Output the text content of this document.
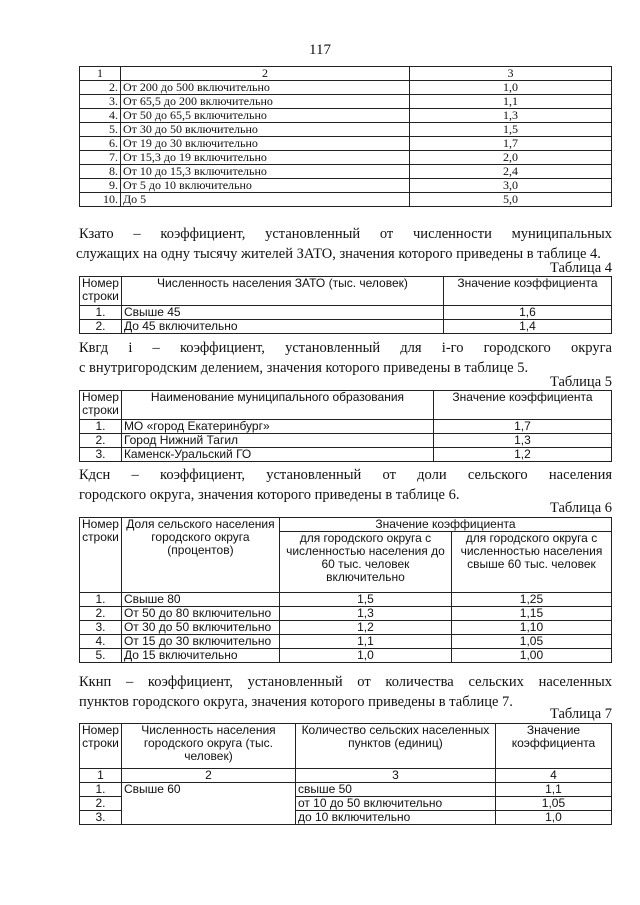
117
1	2	3
2.	От 200 до 500 включительно	1,0
3.	От 65,5 до 200 включительно	1,1
4.	От 50 до 65,5 включительно	1,3
5.	От 30 до 50 включительно	1,5
6.	От 19 до 30 включительно	1,7
7.	От 15,3 до 19 включительно	2,0
8.	От 10 до 15,3 включительно	2,4
9.	От 5 до 10 включительно	3,0
10.	До 5	5,0
Кзато – коэффициент, установленный от численности муниципальных
служащих на одну тысячу жителей ЗАТО, значения которого приведены в таблице 4.
Таблица 4
Номер строки	Численность населения ЗАТО (тыс. человек)	Значение коэффициента
1.	Свыше 45	1,6
2.	До 45 включительно	1,4
Квгд i – коэффициент, установленный для i-го городского округа
с внутригородским делением, значения которого приведены в таблице 5.
Таблица 5
Номер строки	Наименование муниципального образования	Значение коэффициента
1.	МО «город Екатеринбург»	1,7
2.	Город Нижний Тагил	1,3
3.	Каменск-Уральский ГО	1,2
Кдсн – коэффициент, установленный от доли сельского населения
городского округа, значения которого приведены в таблице 6.
Таблица 6
Номер строки	Доля сельского населения городского округа (процентов)	Значение коэффициента	
		для городского округа с численностью населения до 60 тыс. человек включительно	для городского округа с численностью населения свыше 60 тыс. человек
1.	Свыше 80	1,5	1,25
2.	От 50 до 80 включительно	1,3	1,15
3.	От 30 до 50 включительно	1,2	1,10
4.	От 15 до 30 включительно	1,1	1,05
5.	До 15 включительно	1,0	1,00
Ккнп – коэффициент, установленный от количества сельских населенных
пунктов городского округа, значения которого приведены в таблице 7.
Таблица 7
Номер строки	Численность населения городского округа (тыс. человек)	Количество сельских населенных пунктов (единиц)	Значение коэффициента
1	2	3	4
1.	Свыше 60	свыше 50	1,1
2.		от 10 до 50 включительно	1,05
3.		до 10 включительно	1,0
